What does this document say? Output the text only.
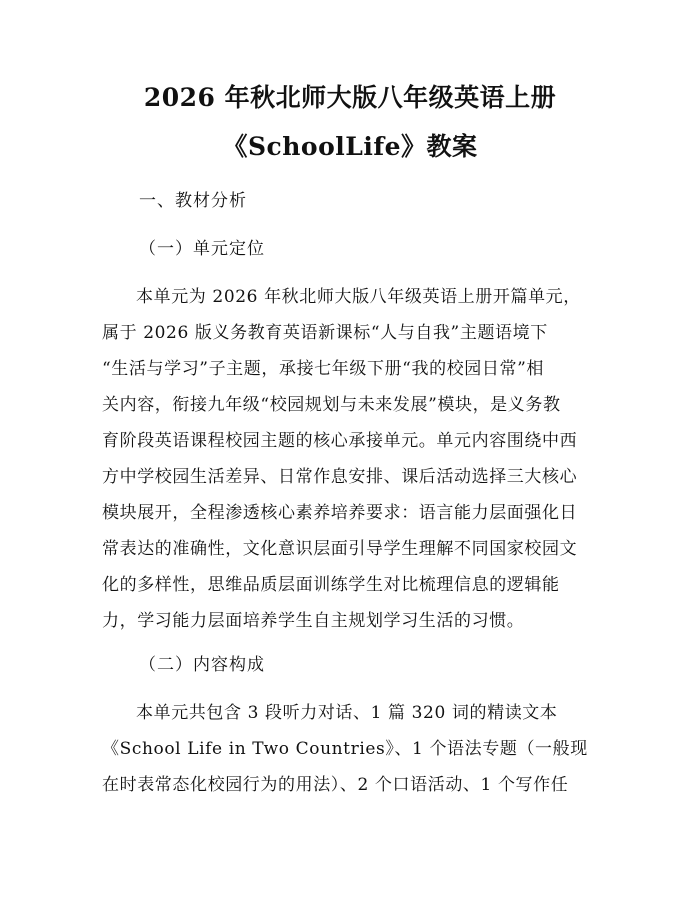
2026 年秋北师大版八年级英语上册
《SchoolLife》教案
一、教材分析
（一）单元定位
本单元为 2026 年秋北师大版八年级英语上册开篇单元，
属于 2026 版义务教育英语新课标“人与自我”主题语境下
“生活与学习”子主题，承接七年级下册“我的校园日常”相
关内容，衔接九年级“校园规划与未来发展”模块，是义务教
育阶段英语课程校园主题的核心承接单元。单元内容围绕中西
方中学校园生活差异、日常作息安排、课后活动选择三大核心
模块展开，全程渗透核心素养培养要求：语言能力层面强化日
常表达的准确性，文化意识层面引导学生理解不同国家校园文
化的多样性，思维品质层面训练学生对比梳理信息的逻辑能
力，学习能力层面培养学生自主规划学习生活的习惯。
（二）内容构成
本单元共包含 3 段听力对话、1 篇 320 词的精读文本
《School Life in Two Countries》、1 个语法专题（一般现
在时表常态化校园行为的用法）、2 个口语活动、1 个写作任
